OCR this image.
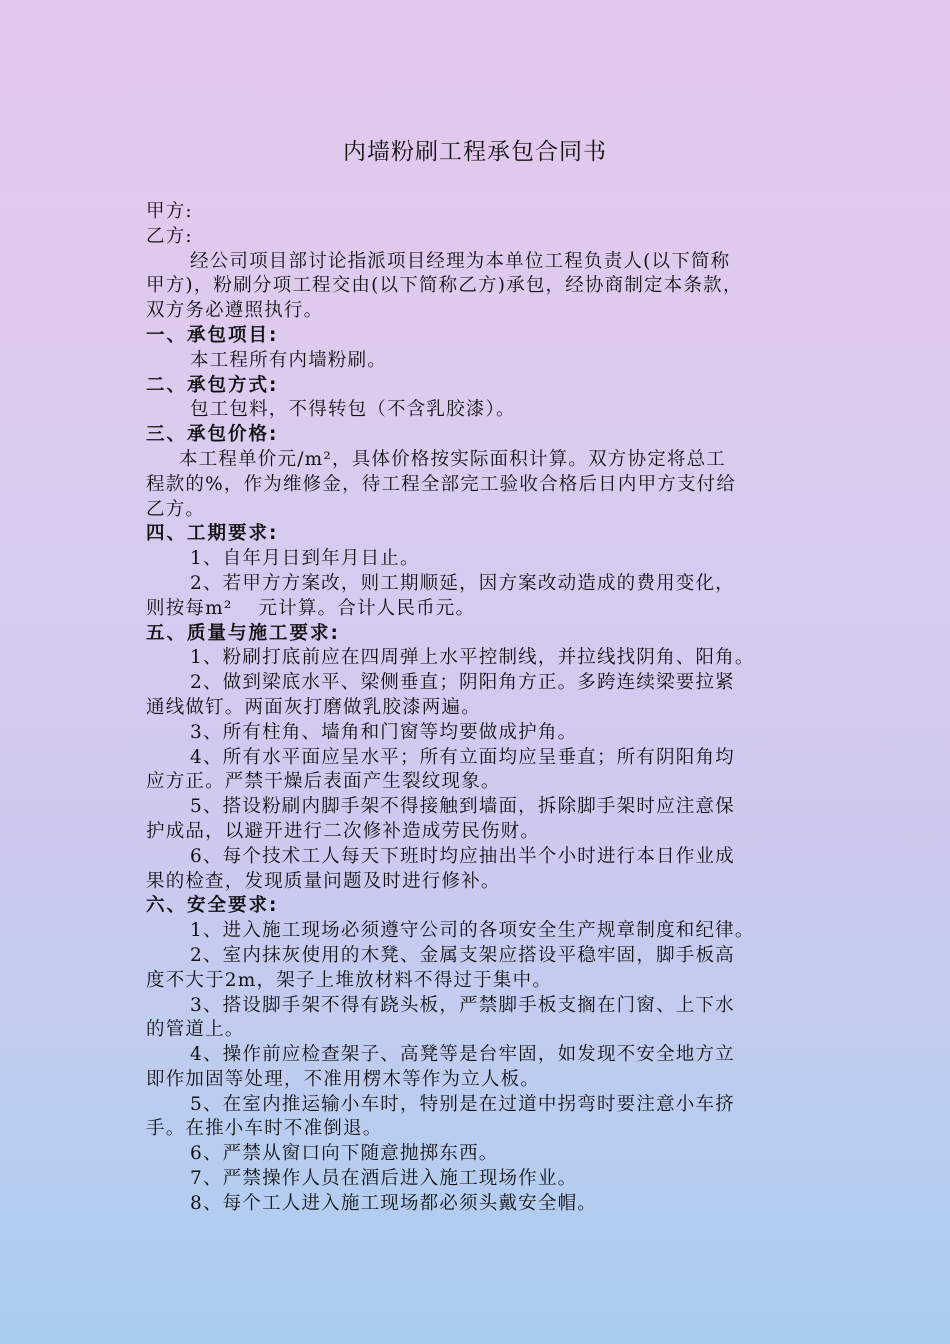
内墙粉刷工程承包合同书
甲方:
乙方:
经公司项目部讨论指派项目经理为本单位工程负责人(以下简称
甲方)，粉刷分项工程交由(以下简称乙方)承包，经协商制定本条款，
双方务必遵照执行。
一、承包项目:
本工程所有内墙粉刷。
二、承包方式:
包工包料，不得转包（不含乳胶漆）。
三、承包价格:
本工程单价元/m²，具体价格按实际面积计算。双方协定将总工
程款的%，作为维修金，待工程全部完工验收合格后日内甲方支付给
乙方。
四、工期要求:
1、自年月日到年月日止。
2、若甲方方案改，则工期顺延，因方案改动造成的费用变化，
则按每m² 元计算。合计人民币元。
五、质量与施工要求:
1、粉刷打底前应在四周弹上水平控制线，并拉线找阴角、阳角。
2、做到梁底水平、梁侧垂直；阴阳角方正。多跨连续梁要拉紧
通线做钉。两面灰打磨做乳胶漆两遍。
3、所有柱角、墙角和门窗等均要做成护角。
4、所有水平面应呈水平；所有立面均应呈垂直；所有阴阳角均
应方正。严禁干燥后表面产生裂纹现象。
5、搭设粉刷内脚手架不得接触到墙面，拆除脚手架时应注意保
护成品，以避开进行二次修补造成劳民伤财。
6、每个技术工人每天下班时均应抽出半个小时进行本日作业成
果的检查，发现质量问题及时进行修补。
六、安全要求:
1、进入施工现场必须遵守公司的各项安全生产规章制度和纪律。
2、室内抹灰使用的木凳、金属支架应搭设平稳牢固，脚手板高
度不大于2m，架子上堆放材料不得过于集中。
3、搭设脚手架不得有跷头板，严禁脚手板支搁在门窗、上下水
的管道上。
4、操作前应检查架子、高凳等是台牢固，如发现不安全地方立
即作加固等处理，不准用楞木等作为立人板。
5、在室内推运输小车时，特别是在过道中拐弯时要注意小车挤
手。在推小车时不准倒退。
6、严禁从窗口向下随意抛掷东西。
7、严禁操作人员在酒后进入施工现场作业。
8、每个工人进入施工现场都必须头戴安全帽。
